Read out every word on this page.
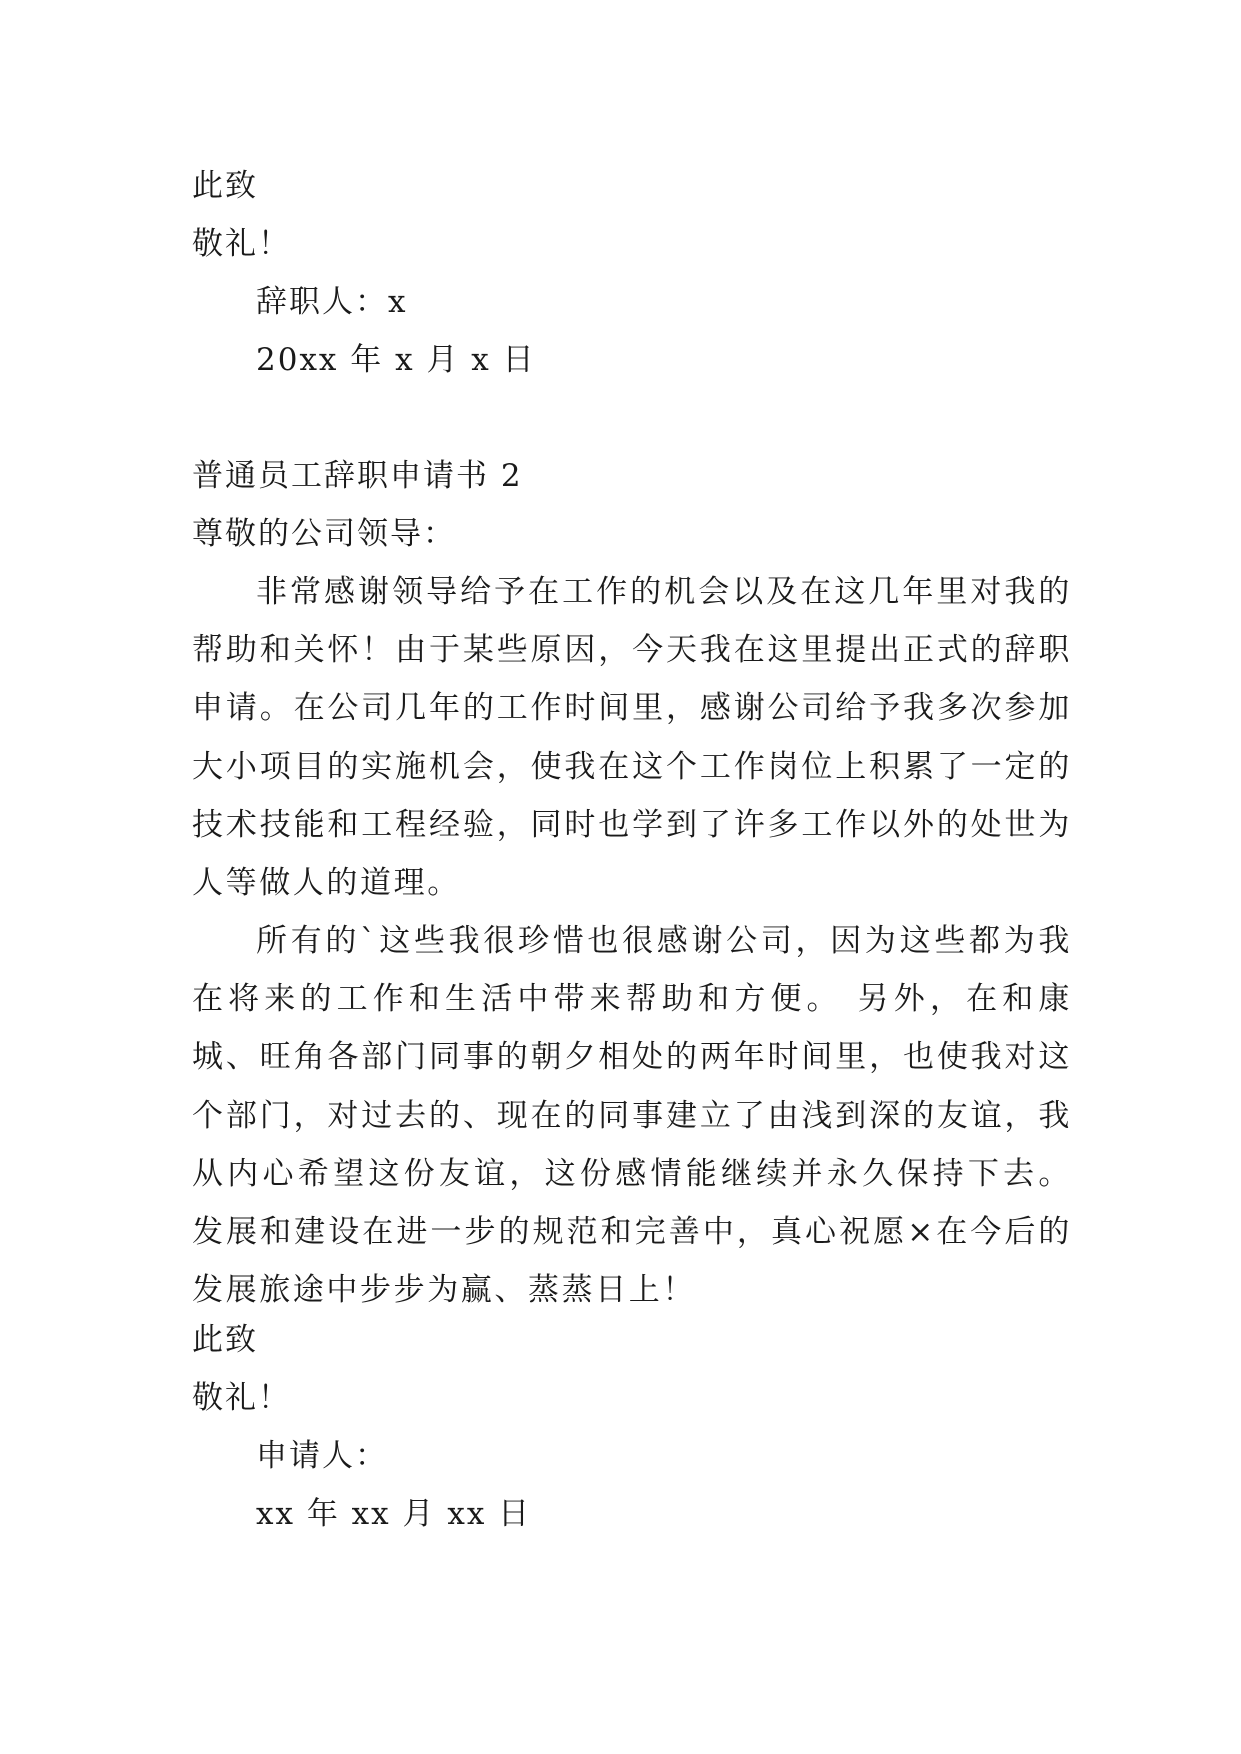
此致
敬礼！
辞职人：x
20xx 年 x 月 x 日
普通员工辞职申请书 2
尊敬的公司领导：

非常感谢领导给予在工作的机会以及在这几年里对我的帮助和关怀！由于某些原因，今天我在这里提出正式的辞职申请。在公司几年的工作时间里，感谢公司给予我多次参加大小项目的实施机会，使我在这个工作岗位上积累了一定的技术技能和工程经验，同时也学到了许多工作以外的处世为人等做人的道理。

所有的`这些我很珍惜也很感谢公司，因为这些都为我在将来的工作和生活中带来帮助和方便。 另外，在和康城、旺角各部门同事的朝夕相处的两年时间里，也使我对这个部门，对过去的、现在的同事建立了由浅到深的友谊，我从内心希望这份友谊，这份感情能继续并永久保持下去。 发展和建设在进一步的规范和完善中，真心祝愿×在今后的发展旅途中步步为赢、蒸蒸日上！

此致
敬礼！
申请人：
xx 年 xx 月 xx 日
